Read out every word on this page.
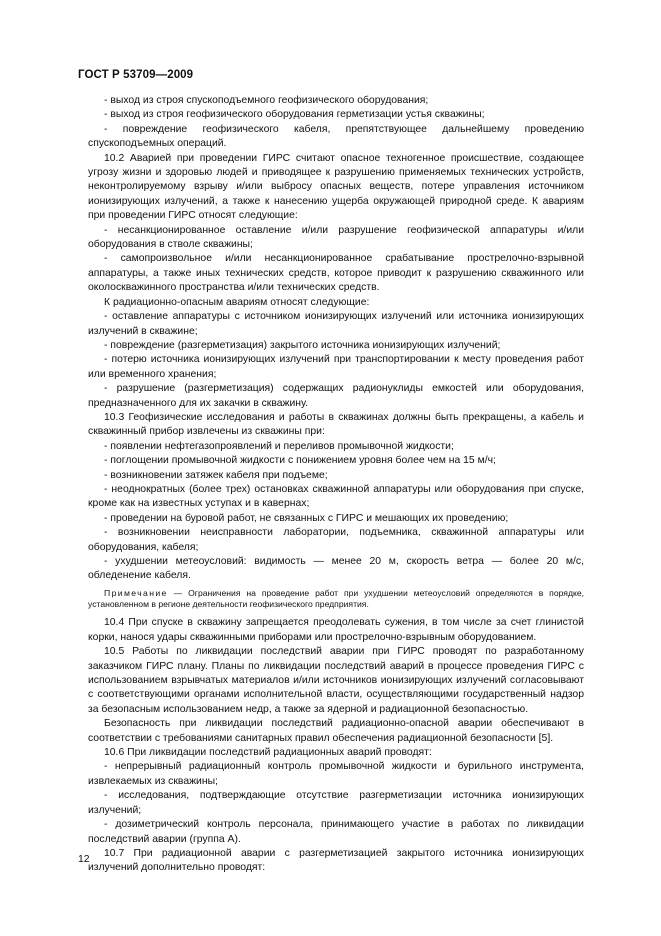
ГОСТ Р 53709—2009

- выход из строя спускоподъемного геофизического оборудования;

- выход из строя геофизического оборудования герметизации устья скважины;

- повреждение геофизического кабеля, препятствующее дальнейшему проведению спускоподъемных операций.

10.2 Аварией при проведении ГИРС считают опасное техногенное происшествие, создающее угрозу жизни и здоровью людей и приводящее к разрушению применяемых технических устройств, неконтролируемому взрыву и/или выбросу опасных веществ, потере управления источником ионизирующих излучений, а также к нанесению ущерба окружающей природной среде. К авариям при проведении ГИРС относят следующие:

- несанкционированное оставление и/или разрушение геофизической аппаратуры и/или оборудования в стволе скважины;

- самопроизвольное и/или несанкционированное срабатывание прострелочно-взрывной аппаратуры, а также иных технических средств, которое приводит к разрушению скважинного или околоскважинного пространства и/или технических средств.

К радиационно-опасным авариям относят следующие:

- оставление аппаратуры с источником ионизирующих излучений или источника ионизирующих излучений в скважине;

- повреждение (разгерметизация) закрытого источника ионизирующих излучений;

- потерю источника ионизирующих излучений при транспортировании к месту проведения работ или временного хранения;

- разрушение (разгерметизация) содержащих радионуклиды емкостей или оборудования, предназначенного для их закачки в скважину.

10.3 Геофизические исследования и работы в скважинах должны быть прекращены, а кабель и скважинный прибор извлечены из скважины при:

- появлении нефтегазопроявлений и переливов промывочной жидкости;

- поглощении промывочной жидкости с понижением уровня более чем на 15 м/ч;

- возникновении затяжек кабеля при подъеме;

- неоднократных (более трех) остановках скважинной аппаратуры или оборудования при спуске, кроме как на известных уступах и в кавернах;

- проведении на буровой работ, не связанных с ГИРС и мешающих их проведению;

- возникновении неисправности лаборатории, подъемника, скважинной аппаратуры или оборудования, кабеля;

- ухудшении метеоусловий: видимость — менее 20 м, скорость ветра — более 20 м/с, обледенение кабеля.

Примечание — Ограничения на проведение работ при ухудшении метеоусловий определяются в порядке, установленном в регионе деятельности геофизического предприятия.

10.4 При спуске в скважину запрещается преодолевать сужения, в том числе за счет глинистой корки, нанося удары скважинными приборами или прострелочно-взрывным оборудованием.

10.5 Работы по ликвидации последствий аварии при ГИРС проводят по разработанному заказчиком ГИРС плану. Планы по ликвидации последствий аварий в процессе проведения ГИРС с использованием взрывчатых материалов и/или источников ионизирующих излучений согласовывают с соответствующими органами исполнительной власти, осуществляющими государственный надзор за безопасным использованием недр, а также за ядерной и радиационной безопасностью.

Безопасность при ликвидации последствий радиационно-опасной аварии обеспечивают в соответствии с требованиями санитарных правил обеспечения радиационной безопасности [5].

10.6 При ликвидации последствий радиационных аварий проводят:

- непрерывный радиационный контроль промывочной жидкости и бурильного инструмента, извлекаемых из скважины;

- исследования, подтверждающие отсутствие разгерметизации источника ионизирующих излучений;

- дозиметрический контроль персонала, принимающего участие в работах по ликвидации последствий аварии (группа А).

10.7 При радиационной аварии с разгерметизацией закрытого источника ионизирующих излучений дополнительно проводят:

12
